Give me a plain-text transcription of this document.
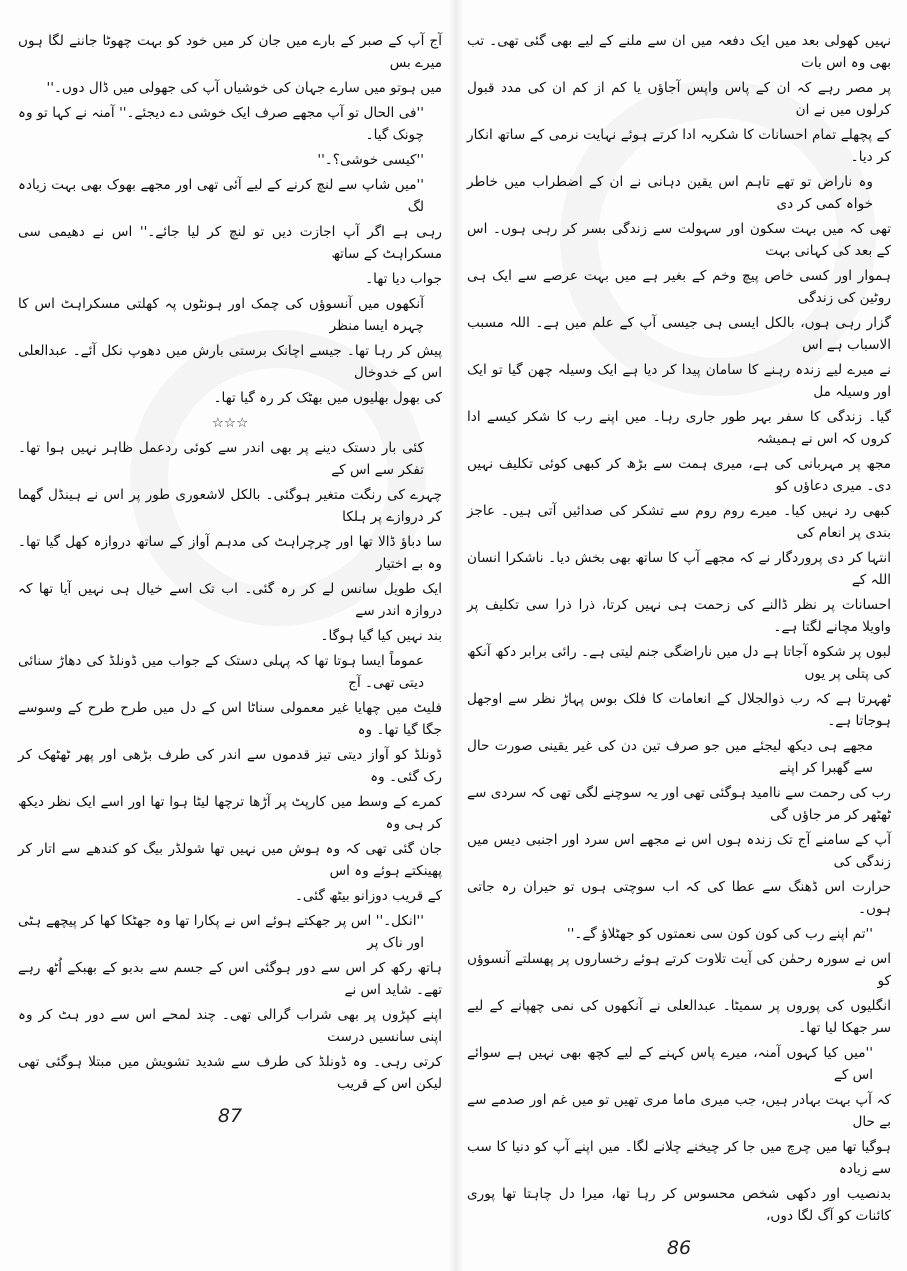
آج آپ کے صبر کے بارے میں جان کر میں خود کو بہت چھوٹا جاننے لگا ہوں میرے بس
میں ہوتو میں سارے جہان کی خوشیاں آپ کی جھولی میں ڈال دوں۔''
''فی الحال تو آپ مجھے صرف ایک خوشی دے دیجئے۔'' آمنہ نے کہا تو وہ چونک گیا۔
''کیسی خوشی؟۔''
''میں شاپ سے لنچ کرنے کے لیے آئی تھی اور مجھے بھوک بھی بہت زیادہ لگ
رہی ہے اگر آپ اجازت دیں تو لنچ کر لیا جائے۔'' اس نے دھیمی سی مسکراہٹ کے ساتھ
جواب دیا تھا۔
آنکھوں میں آنسوؤں کی چمک اور ہونٹوں پہ کھلتی مسکراہٹ اس کا چہرہ ایسا منظر
پیش کر رہا تھا۔ جیسے اچانک برستی بارش میں دھوپ نکل آئے۔ عبدالعلی اس کے خدوخال
کی بھول بھلیوں میں بھٹک کر رہ گیا تھا۔
☆☆☆
کئی بار دستک دینے پر بھی اندر سے کوئی ردعمل ظاہر نہیں ہوا تھا۔ تفکر سے اس کے
چہرے کی رنگت متغیر ہوگئی۔ بالکل لاشعوری طور پر اس نے ہینڈل گھما کر دروازے پر ہلکا
سا دباؤ ڈالا تھا اور چرچراہٹ کی مدہم آواز کے ساتھ دروازہ کھل گیا تھا۔ وہ بے اختیار
ایک طویل سانس لے کر رہ گئی۔ اب تک اسے خیال ہی نہیں آیا تھا کہ دروازہ اندر سے
بند نہیں کیا گیا ہوگا۔
عموماً ایسا ہوتا تھا کہ پہلی دستک کے جواب میں ڈونلڈ کی دھاڑ سنائی دیتی تھی۔ آج
فلیٹ میں چھایا غیر معمولی سناٹا اس کے دل میں طرح طرح کے وسوسے جگا گیا تھا۔ وہ
ڈونلڈ کو آواز دیتی تیز قدموں سے اندر کی طرف بڑھی اور پھر ٹھٹھک کر رک گئی۔ وہ
کمرے کے وسط میں کارپٹ پر آڑھا ترچھا لیٹا ہوا تھا اور اسے ایک نظر دیکھ کر ہی وہ
جان گئی تھی کہ وہ ہوش میں نہیں تھا شولڈر بیگ کو کندھے سے اتار کر پھینکتے ہوئے وہ اس
کے قریب دوزانو بیٹھ گئی۔
''انکل۔'' اس پر جھکتے ہوئے اس نے پکارا تھا وہ جھٹکا کھا کر پیچھے ہٹی اور ناک پر
ہاتھ رکھ کر اس سے دور ہوگئی اس کے جسم سے بدبو کے بھبکے اُٹھ رہے تھے۔ شاید اس نے
اپنے کپڑوں پر بھی شراب گرالی تھی۔ چند لمحے اس سے دور ہٹ کر وہ اپنی سانسیں درست
کرتی رہی۔ وہ ڈونلڈ کی طرف سے شدید تشویش میں مبتلا ہوگئی تھی لیکن اس کے قریب
87
نہیں کھولی بعد میں ایک دفعہ میں ان سے ملنے کے لیے بھی گئی تھی۔ تب بھی وہ اس بات
پر مصر رہے کہ ان کے پاس واپس آجاؤں یا کم از کم ان کی مدد قبول کرلوں میں نے ان
کے پچھلے تمام احسانات کا شکریہ ادا کرتے ہوئے نہایت نرمی کے ساتھ انکار کر دیا۔
وہ ناراض تو تھے تاہم اس یقین دہانی نے ان کے اضطراب میں خاطر خواہ کمی کر دی
تھی کہ میں بہت سکون اور سہولت سے زندگی بسر کر رہی ہوں۔ اس کے بعد کی کہانی بہت
ہموار اور کسی خاص پیچ وخم کے بغیر ہے میں بہت عرصے سے ایک ہی روٹین کی زندگی
گزار رہی ہوں، بالکل ایسی ہی جیسی آپ کے علم میں ہے۔ اللہ مسبب الاسباب ہے اس
نے میرے لیے زندہ رہنے کا سامان پیدا کر دیا ہے ایک وسیلہ چھن گیا تو ایک اور وسیلہ مل
گیا۔ زندگی کا سفر بہر طور جاری رہا۔ میں اپنے رب کا شکر کیسے ادا کروں کہ اس نے ہمیشہ
مجھ پر مہربانی کی ہے، میری ہمت سے بڑھ کر کبھی کوئی تکلیف نہیں دی۔ میری دعاؤں کو
کبھی رد نہیں کیا۔ میرے روم روم سے تشکر کی صدائیں آتی ہیں۔ عاجز بندی پر انعام کی
انتہا کر دی پروردگار نے کہ مجھے آپ کا ساتھ بھی بخش دیا۔ ناشکرا انسان اللہ کے
احسانات پر نظر ڈالنے کی زحمت ہی نہیں کرتا، ذرا ذرا سی تکلیف پر واویلا مچانے لگتا ہے۔
لبوں پر شکوہ آجاتا ہے دل میں ناراضگی جنم لیتی ہے۔ رائی برابر دکھ آنکھ کی پتلی پر یوں
ٹھہرتا ہے کہ رب ذوالجلال کے انعامات کا فلک بوس پہاڑ نظر سے اوجھل ہوجاتا ہے۔
مجھے ہی دیکھ لیجئے میں جو صرف تین دن کی غیر یقینی صورت حال سے گھبرا کر اپنے
رب کی رحمت سے ناامید ہوگئی تھی اور یہ سوچنے لگی تھی کہ سردی سے ٹھٹھر کر مر جاؤں گی
آپ کے سامنے آج تک زندہ ہوں اس نے مجھے اس سرد اور اجنبی دیس میں زندگی کی
حرارت اس ڈھنگ سے عطا کی کہ اب سوچتی ہوں تو حیران رہ جاتی ہوں۔
''تم اپنے رب کی کون کون سی نعمتوں کو جھٹلاؤ گے۔''
اس نے سورہ رحمٰن کی آیت تلاوت کرتے ہوئے رخساروں پر پھسلتے آنسوؤں کو
انگلیوں کی پوروں پر سمیٹا۔ عبدالعلی نے آنکھوں کی نمی چھپانے کے لیے سر جھکا لیا تھا۔
''میں کیا کہوں آمنہ، میرے پاس کہنے کے لیے کچھ بھی نہیں ہے سوائے اس کے
کہ آپ بہت بہادر ہیں، جب میری ماما مری تھیں تو میں غم اور صدمے سے بے حال
ہوگیا تھا میں چرچ میں جا کر چیخنے چلانے لگا۔ میں اپنے آپ کو دنیا کا سب سے زیادہ
بدنصیب اور دکھی شخص محسوس کر رہا تھا، میرا دل چاہتا تھا پوری کائنات کو آگ لگا دوں،
86
